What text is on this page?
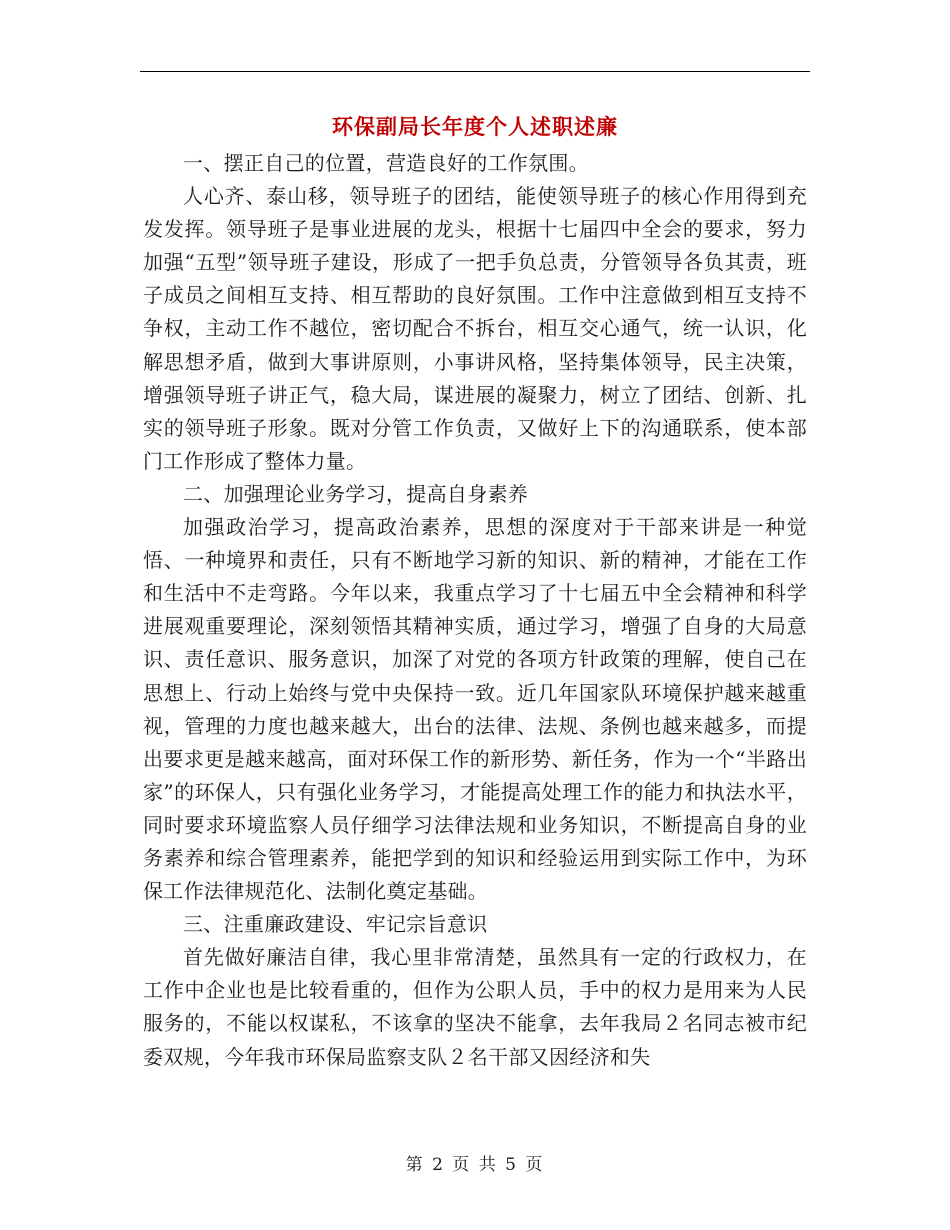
环保副局长年度个人述职述廉

一、摆正自己的位置，营造良好的工作氛围。

人心齐、泰山移，领导班子的团结，能使领导班子的核心作用得到充发发挥。领导班子是事业进展的龙头，根据十七届四中全会的要求，努力加强“五型”领导班子建设，形成了一把手负总责，分管领导各负其责，班子成员之间相互支持、相互帮助的良好氛围。工作中注意做到相互支持不争权，主动工作不越位，密切配合不拆台，相互交心通气，统一认识，化解思想矛盾，做到大事讲原则，小事讲风格，坚持集体领导，民主决策，增强领导班子讲正气，稳大局，谋进展的凝聚力，树立了团结、创新、扎实的领导班子形象。既对分管工作负责，又做好上下的沟通联系，使本部门工作形成了整体力量。

二、加强理论业务学习，提高自身素养

加强政治学习，提高政治素养，思想的深度对于干部来讲是一种觉悟、一种境界和责任，只有不断地学习新的知识、新的精神，才能在工作和生活中不走弯路。今年以来，我重点学习了十七届五中全会精神和科学进展观重要理论，深刻领悟其精神实质，通过学习，增强了自身的大局意识、责任意识、服务意识，加深了对党的各项方针政策的理解，使自己在思想上、行动上始终与党中央保持一致。近几年国家队环境保护越来越重视，管理的力度也越来越大，出台的法律、法规、条例也越来越多，而提出要求更是越来越高，面对环保工作的新形势、新任务，作为一个“半路出家”的环保人，只有强化业务学习，才能提高处理工作的能力和执法水平，同时要求环境监察人员仔细学习法律法规和业务知识，不断提高自身的业务素养和综合管理素养，能把学到的知识和经验运用到实际工作中，为环保工作法律规范化、法制化奠定基础。

三、注重廉政建设、牢记宗旨意识

首先做好廉洁自律，我心里非常清楚，虽然具有一定的行政权力，在工作中企业也是比较看重的，但作为公职人员，手中的权力是用来为人民服务的，不能以权谋私，不该拿的坚决不能拿，去年我局２名同志被市纪委双规，今年我市环保局监察支队２名干部又因经济和失

第 2 页 共 5 页
